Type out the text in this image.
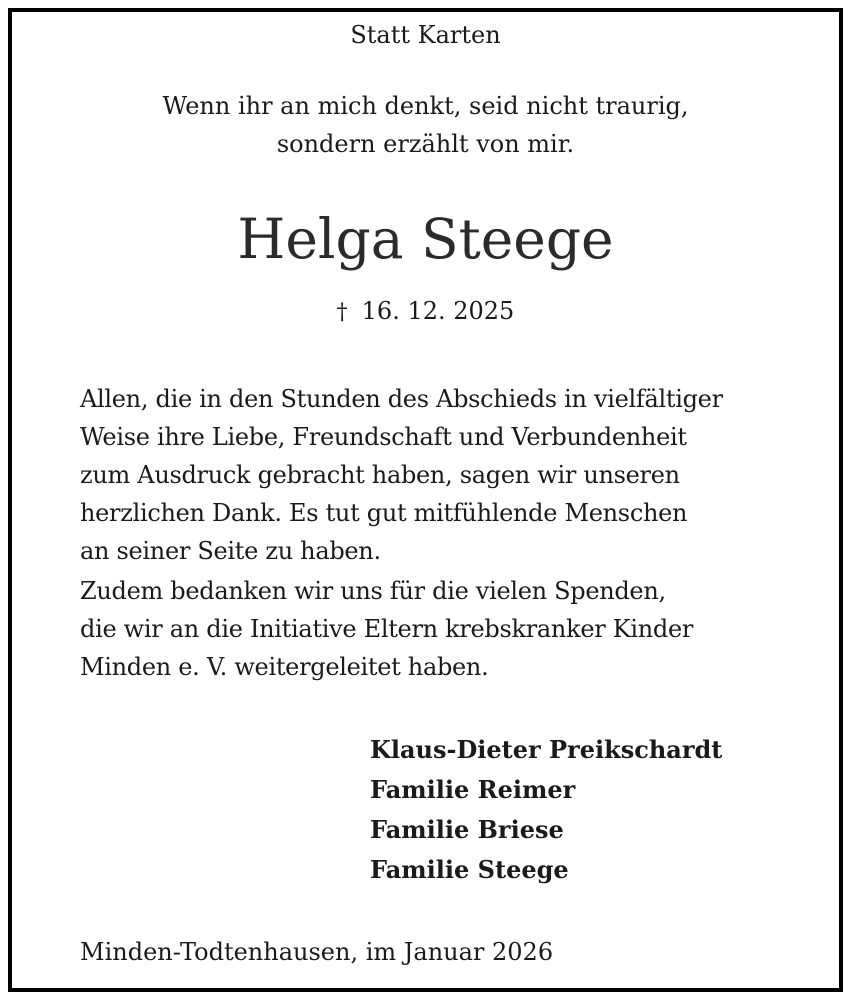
Statt Karten
Wenn ihr an mich denkt, seid nicht traurig,
sondern erzählt von mir.
Helga Steege
† 16. 12. 2025
Allen, die in den Stunden des Abschieds in vielfältiger
Weise ihre Liebe, Freundschaft und Verbundenheit
zum Ausdruck gebracht haben, sagen wir unseren
herzlichen Dank. Es tut gut mitfühlende Menschen
an seiner Seite zu haben.
Zudem bedanken wir uns für die vielen Spenden,
die wir an die Initiative Eltern krebskranker Kinder
Minden e. V. weitergeleitet haben.
Klaus-Dieter Preikschardt
Familie Reimer
Familie Briese
Familie Steege
Minden-Todtenhausen, im Januar 2026
